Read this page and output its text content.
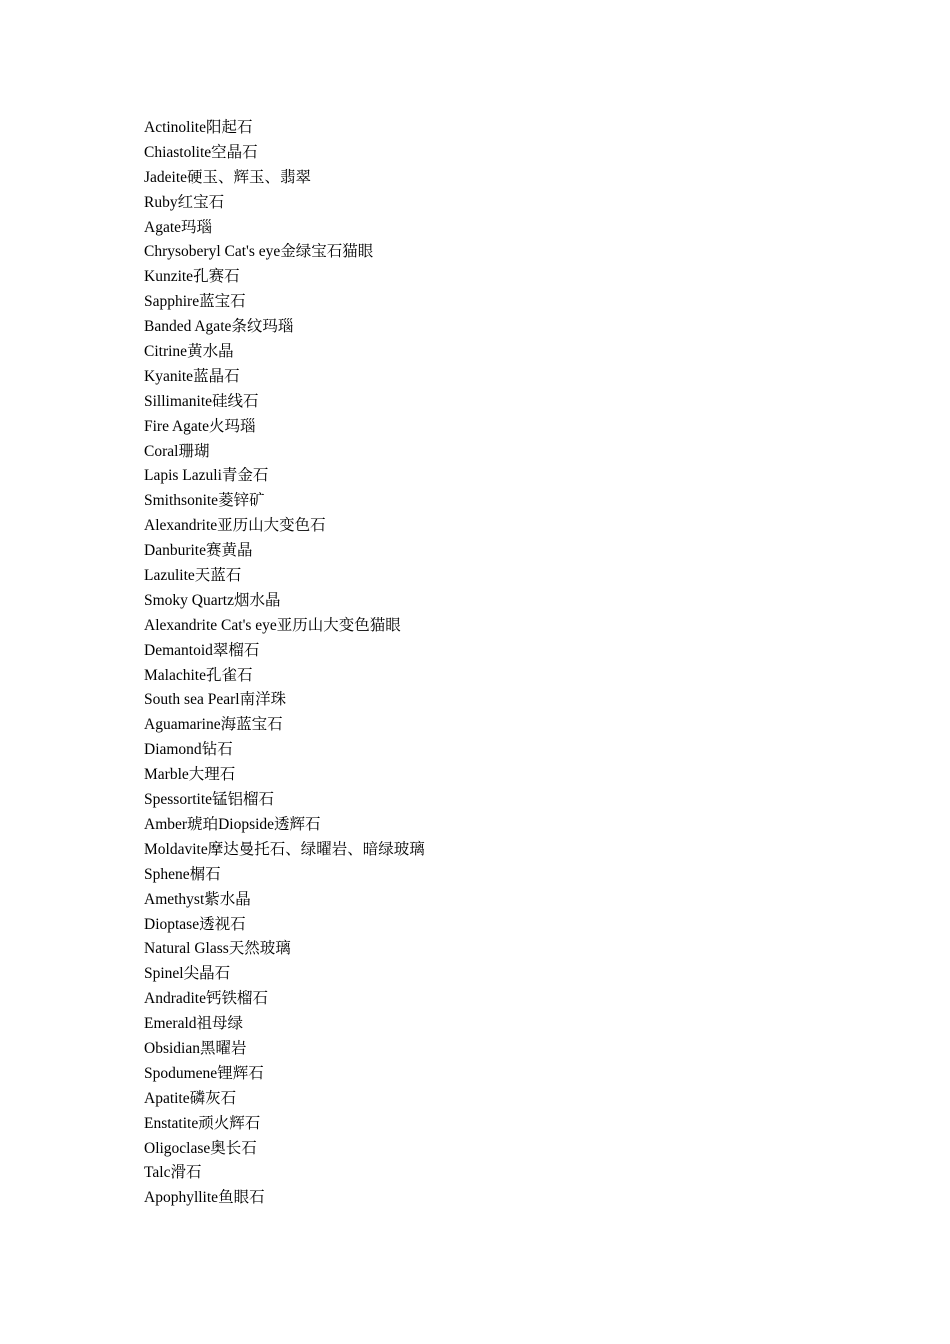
Actinolite阳起石
Chiastolite空晶石
Jadeite硬玉、辉玉、翡翠
Ruby红宝石
Agate玛瑙
Chrysoberyl Cat's eye金绿宝石猫眼
Kunzite孔赛石
Sapphire蓝宝石
Banded Agate条纹玛瑙
Citrine黄水晶
Kyanite蓝晶石
Sillimanite硅线石
Fire Agate火玛瑙
Coral珊瑚
Lapis Lazuli青金石
Smithsonite菱锌矿
Alexandrite亚历山大变色石
Danburite赛黄晶
Lazulite天蓝石
Smoky Quartz烟水晶
Alexandrite Cat's eye亚历山大变色猫眼
Demantoid翠榴石
Malachite孔雀石
South sea Pearl南洋珠
Aguamarine海蓝宝石
Diamond钻石
Marble大理石
Spessortite锰铝榴石
Amber琥珀Diopside透辉石
Moldavite摩达曼托石、绿曜岩、暗绿玻璃
Sphene榍石
Amethyst紫水晶
Dioptase透视石
Natural Glass天然玻璃
Spinel尖晶石
Andradite钙铁榴石
Emerald祖母绿
Obsidian黑曜岩
Spodumene锂辉石
Apatite磷灰石
Enstatite顽火辉石
Oligoclase奥长石
Talc滑石
Apophyllite鱼眼石
